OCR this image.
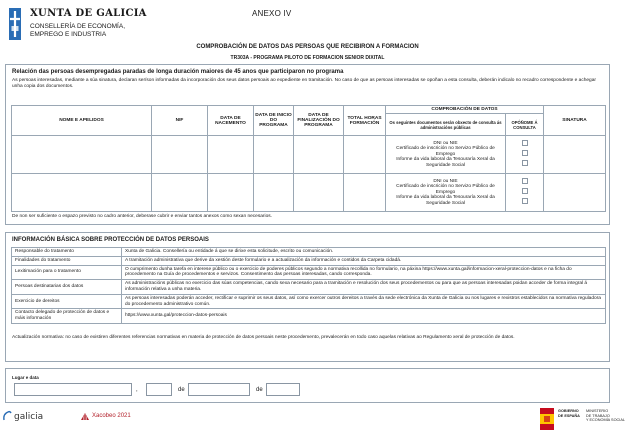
XUNTA DE GALICIA
CONSELLERÍA DE ECONOMÍA,
EMPREGO E INDUSTRIA
ANEXO IV
COMPROBACIÓN DE DATOS DAS PERSOAS QUE RECIBIRON A FORMACION
TR303A - PROGRAMA PILOTO DE FORMACION SENIOR DIXITAL
Relación das persoas desempregadas paradas de longa duración maiores de 45 anos que participaron no programa
As persoas interesadas, mediante a súa sinatura, declaran ser/son informadas da incorporación dos seus datos persoais ao expediente en tramitación. No caso de que as persoas interesadas se opoñan a esta consulta, deberán indicalo no recadro correspondente e achegar unha copia dos documentos.
NOME E APELIDOS	NIF	DATA DE NACEMENTO	DATA DE INICIO DO PROGRAMA	DATA DE FINALIZACIÓN DO PROGRAMA	TOTAL HORAS FORMACIÓN	COMPROBACIÓN DE DATOS		SINATURA
						Os seguintes documentos serán obxecto de consulta ás administracións públicas	OPÓÑOME Á CONSULTA	

						DNI ou NIE
Certificado de inscrición no Servizo Público de Emprego
Informe da vida laboral da Tesouraría Xeral da Seguridade Social		

						DNI ou NIE
Certificado de inscrición no Servizo Público de Emprego
Informe da vida laboral da Tesouraría Xeral da Seguridade Social		

De non ser suficiente o espazo previsto no cadro anterior, deberase cubrir e enviar tantos anexos como sexan necesarios.
INFORMACIÓN BÁSICA SOBRE PROTECCIÓN DE DATOS PERSOAIS
Responsable do tratamento	Xunta de Galicia. Consellería ou entidade á que se dirixe esta solicitude, escrito ou comunicación.
Finalidades do tratamento	A tramitación administrativa que derive da xestión deste formulario e a actualización da información e contidos da Carpeta cidadá.
Lexitimación para o tratamento	O cumprimento dunha tarefa en interese público ou o exercicio de poderes públicos segundo a normativa recollida no formulario, na páxina https://www.xunta.gal/informacion-xeral-proteccion-datos e na ficha do procedemento na Guía de procedementos e servizos. Consentimento das persoas interesadas, cando corresponda.
Persoas destinatarias dos datos	As administracións públicas no exercicio das súas competencias, cando sexa necesario para a tramitación e resolución dos seus procedementos ou para que as persoas interesadas poidan acceder de forma integral á información relativa a unha materia.
Exercicio de dereitos	As persoas interesadas poderán acceder, rectificar e suprimir os seus datos, así como exercer outros dereitos a través da sede electrónica da Xunta de Galicia ou nos lugares e rexistros establecidos na normativa reguladora do procedemento administrativo común.
Contacto delegado de protección de datos e máis información	https://www.xunta.gal/proteccion-datos-persoais
Actualización normativa: no caso de existiren diferentes referencias normativas en materia de protección de datos persoais neste procedemento, prevalecerán en todo caso aquelas relativas ao Regulamento xeral de protección de datos.
Lugar e data
,	de	de
galicia	Xacobeo 2021
GOBIERNO
DE ESPAÑA
MINISTERIO
DE TRABAJO
Y ECONOMÍA SOCIAL
